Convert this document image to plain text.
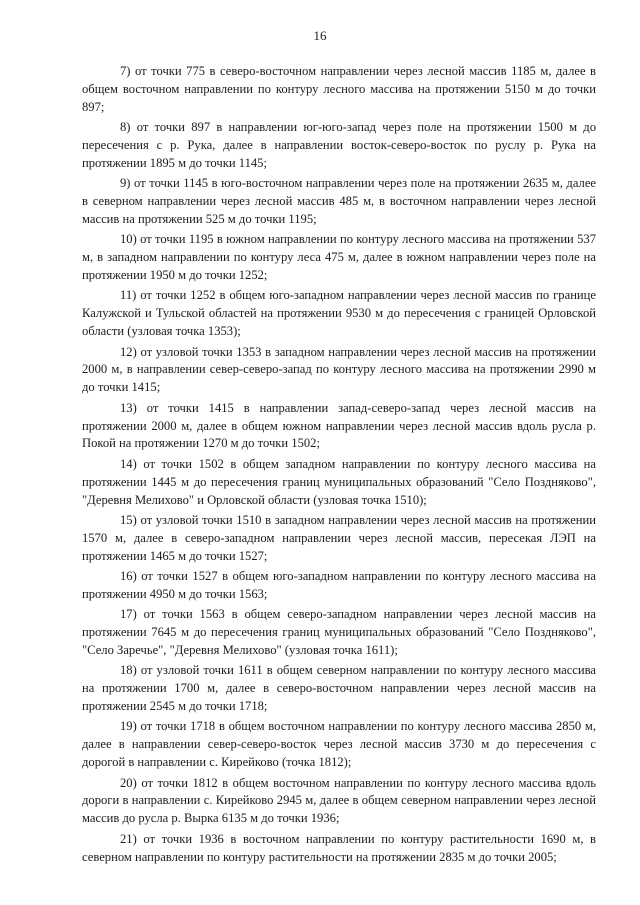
16

7) от точки 775 в северо-восточном направлении через лесной массив 1185 м, далее в общем восточном направлении по контуру лесного массива на протяжении 5150 м до точки 897;

8) от точки 897 в направлении юг-юго-запад через поле на протяжении 1500 м до пересечения с р. Рука, далее в направлении восток-северо-восток по руслу р. Рука на протяжении 1895 м до точки 1145;

9) от точки 1145 в юго-восточном направлении через поле на протяжении 2635 м, далее в северном направлении через лесной массив 485 м, в восточном направлении через лесной массив на протяжении 525 м до точки 1195;

10) от точки 1195 в южном направлении по контуру лесного массива на протяжении 537 м, в западном направлении по контуру леса 475 м, далее в южном направлении через поле на протяжении 1950 м до точки 1252;

11) от точки 1252 в общем юго-западном направлении через лесной массив по границе Калужской и Тульской областей на протяжении 9530 м до пересечения с границей Орловской области (узловая точка 1353);

12) от узловой точки 1353 в западном направлении через лесной массив на протяжении 2000 м, в направлении север-северо-запад по контуру лесного массива на протяжении 2990 м до точки 1415;

13) от точки 1415 в направлении запад-северо-запад через лесной массив на протяжении 2000 м, далее в общем южном направлении через лесной массив вдоль русла р. Покой на протяжении 1270 м до точки 1502;

14) от точки 1502 в общем западном направлении по контуру лесного массива на протяжении 1445 м до пересечения границ муниципальных образований "Село Поздняково", "Деревня Мелихово" и Орловской области (узловая точка 1510);

15) от узловой точки 1510 в западном направлении через лесной массив на протяжении 1570 м, далее в северо-западном направлении через лесной массив, пересекая ЛЭП на протяжении 1465 м до точки 1527;

16) от точки 1527 в общем юго-западном направлении по контуру лесного массива на протяжении 4950 м до точки 1563;

17) от точки 1563 в общем северо-западном направлении через лесной массив на протяжении 7645 м до пересечения границ муниципальных образований "Село Поздняково", "Село Заречье", "Деревня Мелихово" (узловая точка 1611);

18) от узловой точки 1611 в общем северном направлении по контуру лесного массива на протяжении 1700 м, далее в северо-восточном направлении через лесной массив на протяжении 2545 м до точки 1718;

19) от точки 1718 в общем восточном направлении по контуру лесного массива 2850 м, далее в направлении север-северо-восток через лесной массив 3730 м до пересечения с дорогой в направлении с. Кирейково (точка 1812);

20) от точки 1812 в общем восточном направлении по контуру лесного массива вдоль дороги в направлении с. Кирейково 2945 м, далее в общем северном направлении через лесной массив до русла р. Вырка 6135 м до точки 1936;

21) от точки 1936 в восточном направлении по контуру растительности 1690 м, в северном направлении по контуру растительности на протяжении 2835 м до точки 2005;
